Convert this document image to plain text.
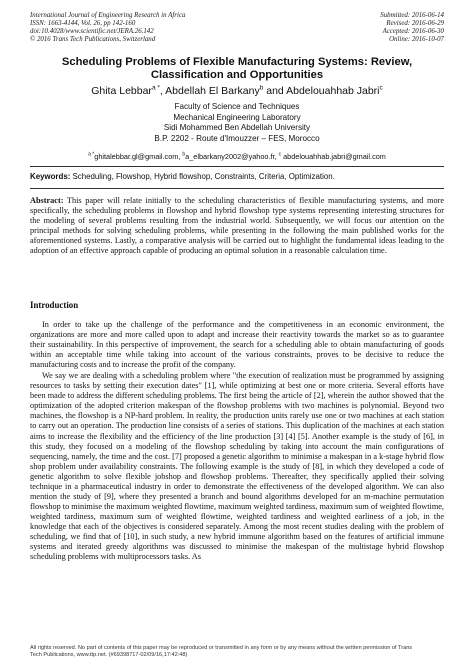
International Journal of Engineering Research in Africa
ISSN: 1663-4144, Vol. 26, pp 142-160
doi:10.4028/www.scientific.net/JERA.26.142
© 2016 Trans Tech Publications, Switzerland
Submitted: 2016-06-14
Revised: 2016-06-29
Accepted: 2016-06-30
Online: 2016-10-07
Scheduling Problems of Flexible Manufacturing Systems: Review,
Classification and Opportunities
Ghita Lebbar$^{a *}$, Abdellah El Barkany$^b$ and Abdelouahhab Jabri$^c$
Faculty of Science and Techniques
Mechanical Engineering Laboratory
Sidi Mohammed Ben Abdellah University
B.P. 2202 - Route d'Imouzzer – FES, Morocco
$^{a *}$ghitalebbar.gl@gmail.com, $^b$a_elbarkany2002@yahoo.fr, $^c$ abdelouahhab.jabri@gmail.com
Keywords: Scheduling, Flowshop, Hybrid flowshop, Constraints, Criteria, Optimization.
Abstract: This paper will relate initially to the scheduling characteristics of flexible manufacturing systems, and more specifically, the scheduling problems in flowshop and hybrid flowshop type systems representing interesting structures for the modeling of several problems resulting from the industrial world. Subsequently, we will focus our attention on the principal methods for solving scheduling problems, while presenting in the following the main published works for the aforementioned systems. Lastly, a comparative analysis will be carried out to highlight the fundamental ideas leading to the adoption of an effective approach capable of producing an optimal solution in a reasonable calculation time.
Introduction

In order to take up the challenge of the performance and the competitiveness in an economic environment, the organizations are more and more called upon to adapt and increase their reactivity towards the market so as to guarantee their sustainability. In this perspective of improvement, the search for a scheduling able to obtain manufacturing of goods within an acceptable time while taking into account of the various constraints, proves to be decisive to reduce the manufacturing costs and to increase the profit of the company.

We say we are dealing with a scheduling problem where "the execution of realization must be programmed by assigning resources to tasks by setting their execution dates" [1], while optimizing at best one or more criteria. Several efforts have been made to address the different scheduling problems. The first being the article of [2], wherein the author showed that the optimization of the adopted criterion makespan of the flowshop problems with two machines is polynomial. Beyond two machines, the flowshop is a NP-hard problem. In reality, the production units rarely use one or two machines at each station to carry out an operation. The production line consists of a series of stations. This duplication of the machines at each station aims to increase the flexibility and the efficiency of the line production [3] [4] [5]. Another example is the study of [6], in this study, they focused on a modeling of the flowshop scheduling by taking into account the main configurations of sequencing, namely, the time and the cost. [7] proposed a genetic algorithm to minimise a makespan in a k-stage hybrid flow shop problem under availability constraints. The following example is the study of [8], in which they developed a code of genetic algorithm to solve flexible jobshop and flowshop problems. Thereafter, they specifically applied their solving technique in a pharmaceutical industry in order to demonstrate the effectiveness of the developed algorithm. We can also mention the study of [9], where they presented a branch and bound algorithms developed for an m-machine permutation flowshop to minimise the maximum weighted flowtime, maximum weighted tardiness, maximum sum of weighted flowtime, weighted tardiness, maximum sum of weighted flowtime, weighted tardiness and weighted earliness of a job, in the knowledge that each of the objectives is considered separately. Among the most recent studies dealing with the problem of scheduling, we find that of [10], in such study, a new hybrid immune algorithm based on the features of artificial immune systems and iterated greedy algorithms was discussed to minimise the makespan of the multistage hybrid flowshop scheduling problems with multiprocessors tasks. As

All rights reserved. No part of contents of this paper may be reproduced or transmitted in any form or by any means without the written permission of Trans
Tech Publications, www.ttp.net. (#69398717-02/09/16,17:42:48)
